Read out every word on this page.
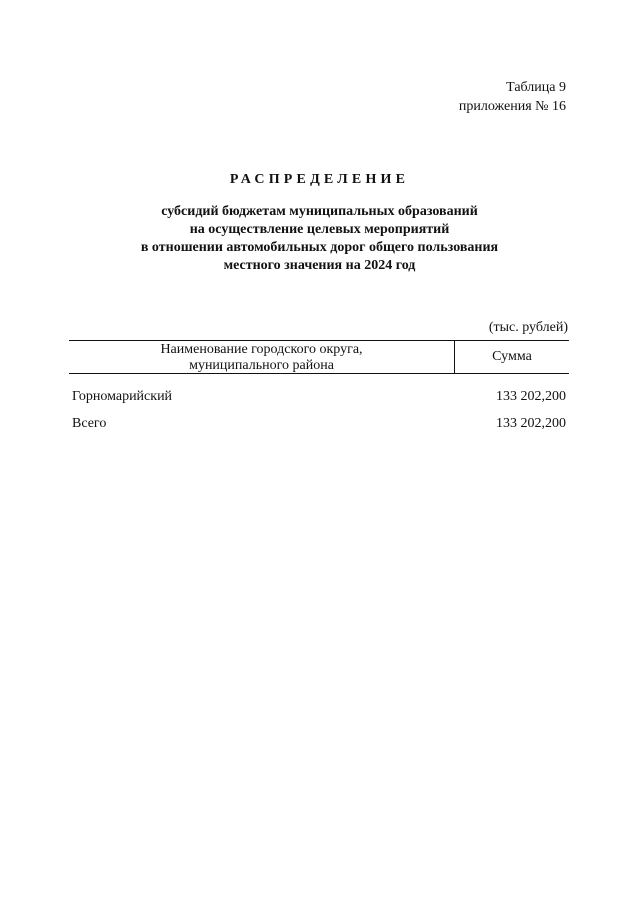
Таблица 9
приложения № 16
РАСПРЕДЕЛЕНИЕ
субсидий бюджетам муниципальных образований
на осуществление целевых мероприятий
в отношении автомобильных дорог общего пользования
местного значения на 2024 год
(тыс. рублей)
Наименование городского округа,
муниципального района
Сумма
Горномарийский	133 202,200
Всего	133 202,200
